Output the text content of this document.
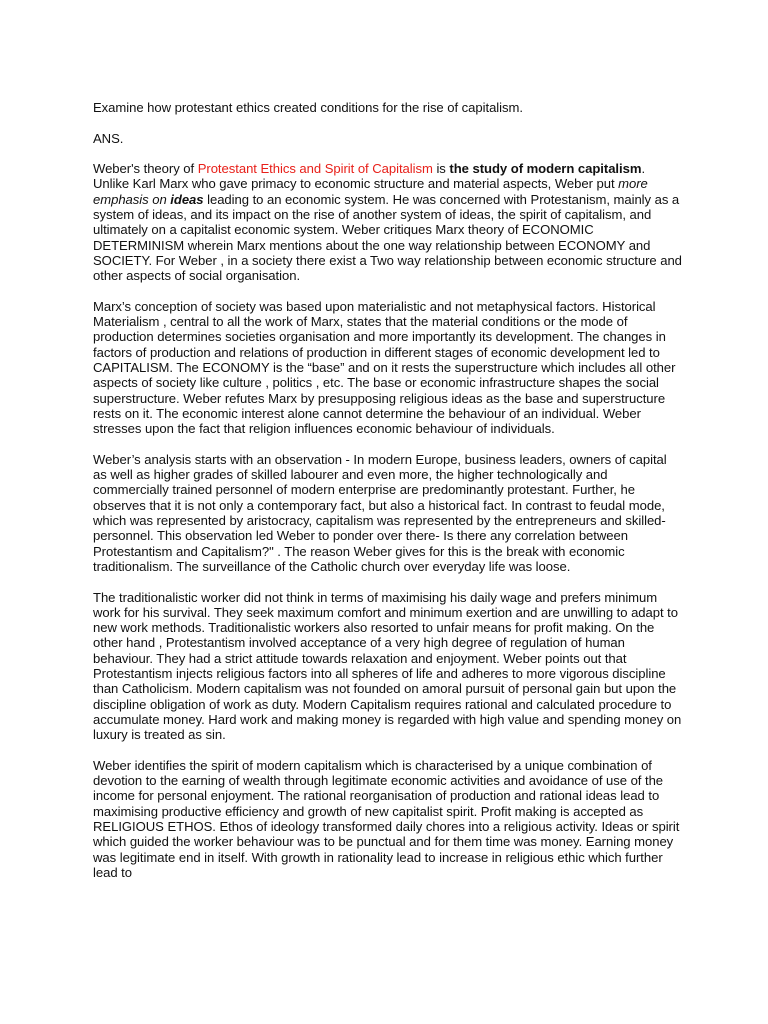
Examine how protestant ethics created conditions for the rise of capitalism.

ANS.

Weber's theory of Protestant Ethics and Spirit of Capitalism is the study of modern capitalism. Unlike Karl Marx who gave primacy to economic structure and material aspects, Weber put more emphasis on ideas leading to an economic system. He was concerned with Protestanism, mainly as a system of ideas, and its impact on the rise of another system of ideas, the spirit of capitalism, and ultimately on a capitalist economic system. Weber critiques Marx theory of ECONOMIC DETERMINISM wherein Marx mentions about the one way relationship between ECONOMY and SOCIETY. For Weber , in a society there exist a Two way relationship between economic structure and other aspects of social organisation.

Marx’s conception of society was based upon materialistic and not metaphysical factors. Historical Materialism , central to all the work of Marx, states that the material conditions or the mode of production determines societies organisation and more importantly its development. The changes in factors of production and relations of production in different stages of economic development led to CAPITALISM. The ECONOMY is the “base” and on it rests the superstructure which includes all other aspects of society like culture , politics , etc. The base or economic infrastructure shapes the social superstructure. Weber refutes Marx by presupposing religious ideas as the base and superstructure rests on it. The economic interest alone cannot determine the behaviour of an individual. Weber stresses upon the fact that religion influences economic behaviour of individuals.

Weber’s analysis starts with an observation - In modern Europe, business leaders, owners of capital as well as higher grades of skilled labourer and even more, the higher technologically and commercially trained personnel of modern enterprise are predominantly protestant. Further, he observes that it is not only a contemporary fact, but also a historical fact. In contrast to feudal mode, which was represented by aristocracy, capitalism was represented by the entrepreneurs and skilled- personnel. This observation led Weber to ponder over there- Is there any correlation between Protestantism and Capitalism?" . The reason Weber gives for this is the break with economic traditionalism. The surveillance of the Catholic church over everyday life was loose.

The traditionalistic worker did not think in terms of maximising his daily wage and prefers minimum work for his survival. They seek maximum comfort and minimum exertion and are unwilling to adapt to new work methods. Traditionalistic workers also resorted to unfair means for profit making. On the other hand , Protestantism involved acceptance of a very high degree of regulation of human behaviour. They had a strict attitude towards relaxation and enjoyment. Weber points out that Protestantism injects religious factors into all spheres of life and adheres to more vigorous discipline than Catholicism. Modern capitalism was not founded on amoral pursuit of personal gain but upon the discipline obligation of work as duty. Modern Capitalism requires rational and calculated procedure to accumulate money. Hard work and making money is regarded with high value and spending money on luxury is treated as sin.

Weber identifies the spirit of modern capitalism which is characterised by a unique combination of devotion to the earning of wealth through legitimate economic activities and avoidance of use of the income for personal enjoyment. The rational reorganisation of production and rational ideas lead to maximising productive efficiency and growth of new capitalist spirit. Profit making is accepted as RELIGIOUS ETHOS. Ethos of ideology transformed daily chores into a religious activity. Ideas or spirit which guided the worker behaviour was to be punctual and for them time was money. Earning money was legitimate end in itself. With growth in rationality lead to increase in religious ethic which further lead to
